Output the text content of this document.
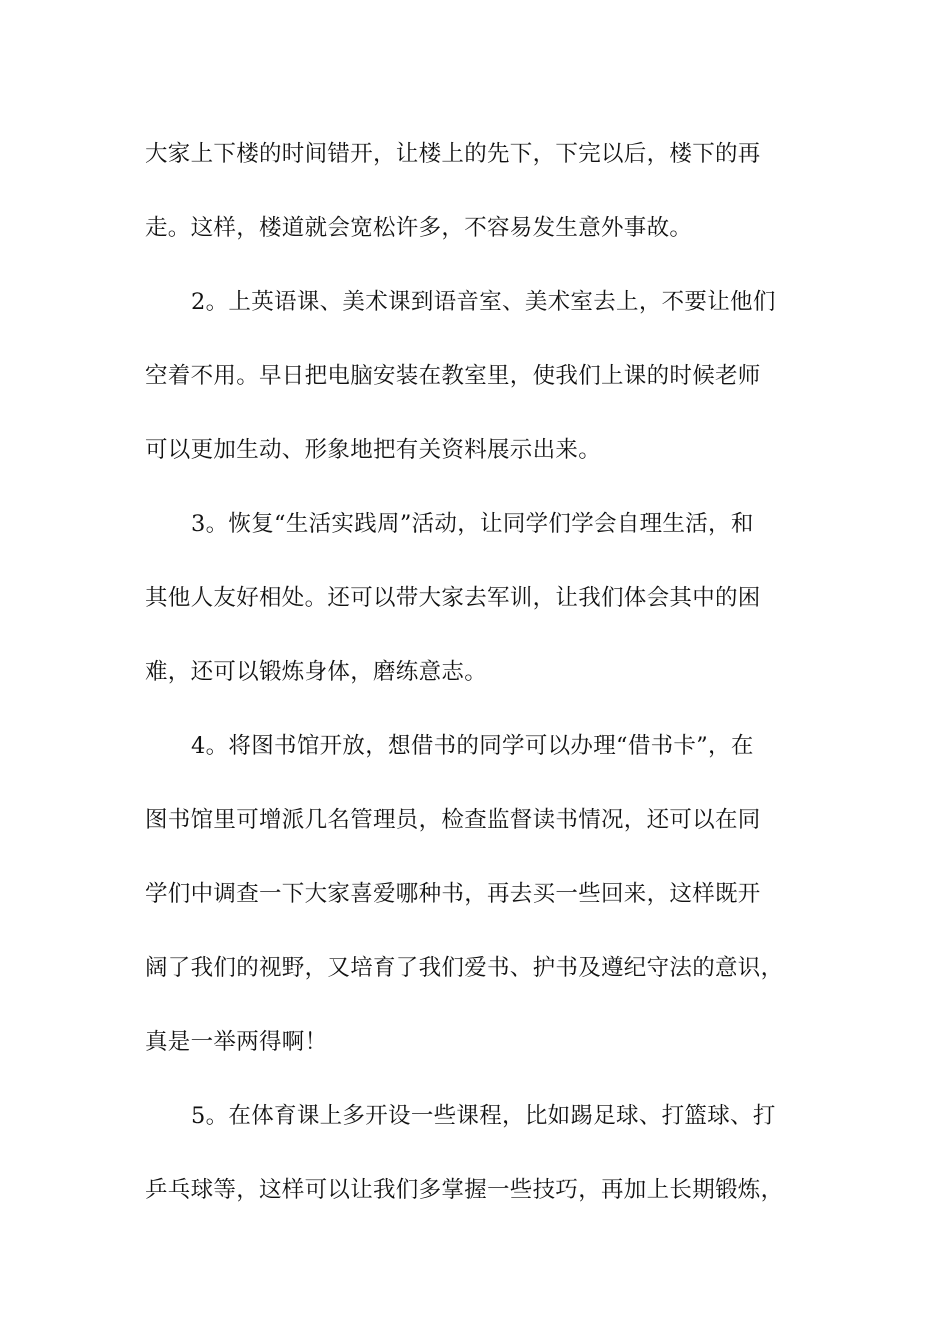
大家上下楼的时间错开，让楼上的先下，下完以后，楼下的再
走。这样，楼道就会宽松许多，不容易发生意外事故。
2。上英语课、美术课到语音室、美术室去上，不要让他们
空着不用。早日把电脑安装在教室里，使我们上课的时候老师
可以更加生动、形象地把有关资料展示出来。
3。恢复“生活实践周”活动，让同学们学会自理生活，和
其他人友好相处。还可以带大家去军训，让我们体会其中的困
难，还可以锻炼身体，磨练意志。
4。将图书馆开放，想借书的同学可以办理“借书卡”，在
图书馆里可增派几名管理员，检查监督读书情况，还可以在同
学们中调查一下大家喜爱哪种书，再去买一些回来，这样既开
阔了我们的视野，又培育了我们爱书、护书及遵纪守法的意识，
真是一举两得啊！
5。在体育课上多开设一些课程，比如踢足球、打篮球、打
乒乓球等，这样可以让我们多掌握一些技巧，再加上长期锻炼，
